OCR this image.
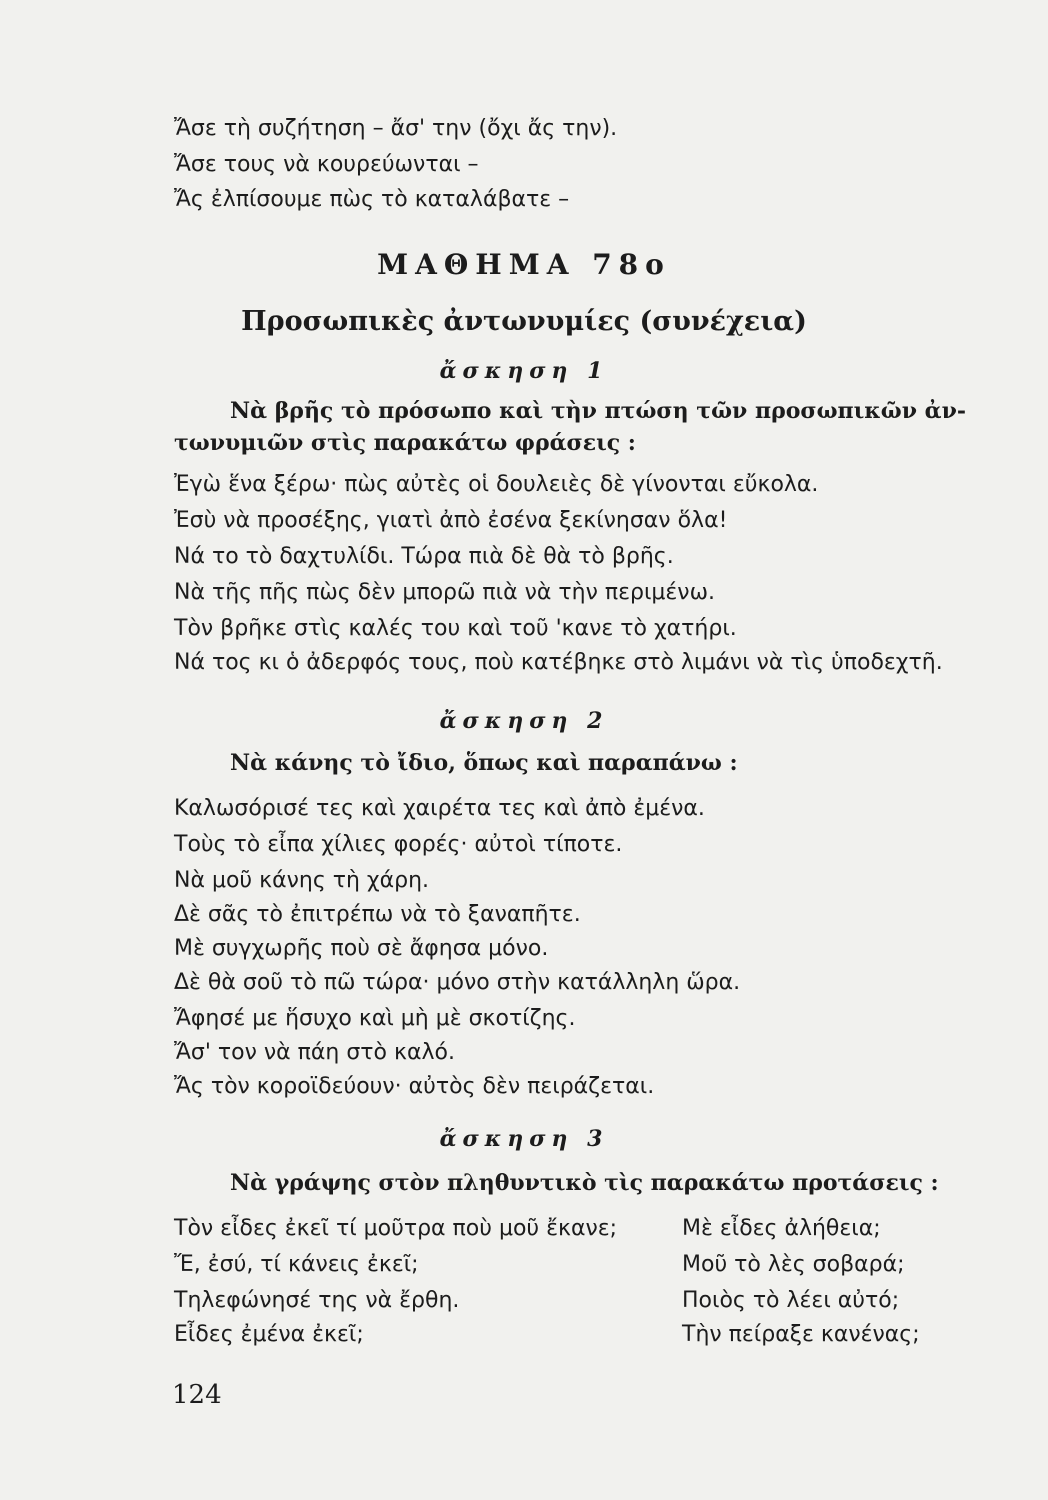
Ἄσε τὴ συζήτηση – ἄσ' την (ὄχι ἄς την).
Ἄσε τους νὰ κουρεύωνται –
Ἄς ἐλπίσουμε πὼς τὸ καταλάβατε –
ΜΑΘΗΜΑ 78ο
Προσωπικὲς ἀντωνυμίες (συνέχεια)
ἄσκηση 1
Νὰ βρῆς τὸ πρόσωπο καὶ τὴν πτώση τῶν προσωπικῶν ἀν-
τωνυμιῶν στὶς παρακάτω φράσεις :
Ἐγὼ ἕνα ξέρω· πὼς αὐτὲς οἱ δουλειὲς δὲ γίνονται εὔκολα.
Ἐσὺ νὰ προσέξης, γιατὶ ἀπὸ ἐσένα ξεκίνησαν ὅλα!
Νά το τὸ δαχτυλίδι. Τώρα πιὰ δὲ θὰ τὸ βρῆς.
Νὰ τῆς πῆς πὼς δὲν μπορῶ πιὰ νὰ τὴν περιμένω.
Τὸν βρῆκε στὶς καλές του καὶ τοῦ 'κανε τὸ χατήρι.
Νά τος κι ὁ ἀδερφός τους, ποὺ κατέβηκε στὸ λιμάνι νὰ τὶς ὑποδεχτῆ.
ἄσκηση 2
Νὰ κάνης τὸ ἴδιο, ὅπως καὶ παραπάνω :
Καλωσόρισέ τες καὶ χαιρέτα τες καὶ ἀπὸ ἐμένα.
Τοὺς τὸ εἶπα χίλιες φορές· αὐτοὶ τίποτε.
Νὰ μοῦ κάνης τὴ χάρη.
Δὲ σᾶς τὸ ἐπιτρέπω νὰ τὸ ξαναπῆτε.
Μὲ συγχωρῆς ποὺ σὲ ἄφησα μόνο.
Δὲ θὰ σοῦ τὸ πῶ τώρα· μόνο στὴν κατάλληλη ὥρα.
Ἄφησέ με ἥσυχο καὶ μὴ μὲ σκοτίζης.
Ἄσ' τον νὰ πάη στὸ καλό.
Ἄς τὸν κοροϊδεύουν· αὐτὸς δὲν πειράζεται.
ἄσκηση 3
Νὰ γράψης στὸν πληθυντικὸ τὶς παρακάτω προτάσεις :
Τὸν εἶδες ἐκεῖ τί μοῦτρα ποὺ μοῦ ἔκανε;
Ἔ, ἐσύ, τί κάνεις ἐκεῖ;
Τηλεφώνησέ της νὰ ἔρθη.
Εἶδες ἐμένα ἐκεῖ;
Μὲ εἶδες ἀλήθεια;
Μοῦ τὸ λὲς σοβαρά;
Ποιὸς τὸ λέει αὐτό;
Τὴν πείραξε κανένας;
124
